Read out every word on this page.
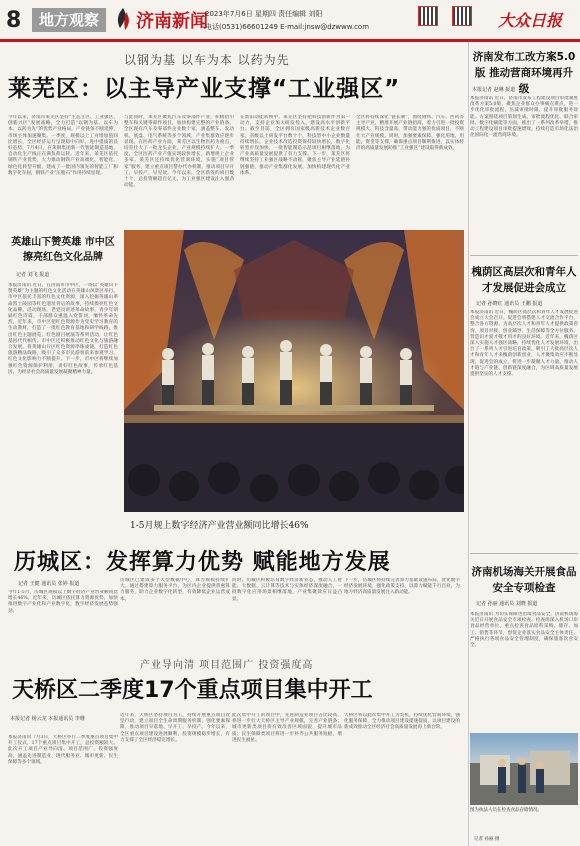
8	地方观察	济南新闻
2023年7月6日 星期四 责任编辑 刘阳
电话(0531)66601249 E-mail:jnsw@dzwww.com	大众日报
以钢为基 以车为本 以药为先
莱芜区：以主导产业支撑“工业强区”
今年以来，济南市莱芜区坚持“生态立区、工业强区、创新兴区”发展战略，全力打造“以钢为基、以车为本、以药为先”的优势产业格局，产业链条不断延伸，市场主体加速聚集。一季度，规模以上工业增加值同比增长，全区经济运行呈现稳中向好、进中提质的良好态势。7月4日，在莱钢集团新一代智能制造基地，自动化生产线正在满负荷运转。近年来，莱芜区依托钢铁产业优势，大力推动钢铁产业高端化、智能化、绿色化转型升级，建成了一批国内领先的智能工厂和数字化车间，钢铁产业“压舱石”作用持续显现。
与此同时，莱芜区聚焦汽车及零部件产业，积极招引整车和关键零部件项目，加快构建完整的产业链条。全区现有汽车及零部件企业数十家，涵盖整车、发动机、底盘、电气系统等多个领域，产业集群效应逐步显现。在医药产业方面，莱芜区以生物医药为重点，培育壮大了一批龙头企业，产业规模持续扩大。一季度，全区医药产业产值实现较快增长，新增规上企业多家。莱芜区还持续优化营商环境，实施“项目管家”服务，建立重点项目帮办代办机制，推动项目早开工、早投产、早见效。今年以来，全区新签约项目数十个，总投资额超百亿元，为工业强区建设注入强劲动能。
在新旧动能转换中，莱芜区坚持把科技创新作为第一动力，支持企业加大研发投入，建设高水平创新平台。截至目前，全区拥有国家级高新技术企业数百家，省级以上研发平台数十个，科技型中小企业数量持续增长。企业技术改造投资保持较快增长，数字化转型步伐加快，一批智能制造示范项目相继落地，为产业高质量发展提供了有力支撑。下一步，莱芜区将继续坚持工业强区战略不动摇，聚焦主导产业延链补链强链，推动产业集群化发展，加快构建现代化产业体系。
全区将持续深化“链长制”，围绕钢铁、汽车、医药等主导产业，精准开展产业链招商，着力引进一批投资规模大、科技含量高、带动能力强的优质项目，不断壮大产业规模。同时，加强要素保障，强化用地、用能、资金等支撑，确保重点项目顺利推进，以实体经济的高质量发展助推“工业强区”建设取得新成效。
英雄山下赞英雄 市中区擦亮红色文化品牌
记者 刘飞 报道
本报济南讯 近日，在济南市市中区，一场以“英雄山下赞英雄”为主题的红色文化活动在英雄山风景区举行。市中区依托丰富的红色文化资源，深入挖掘英雄山革命烈士陵园等红色遗址背后的故事，持续擦亮红色文化品牌。活动现场，老党员讲述革命故事，青少年朗诵红色诗篇，干部群众重温入党誓词，缅怀革命先烈。近年来，市中区把红色资源作为党史学习教育的生动教材，打造了一批红色教育基地和研学线路，推出红色主题展览、红色剧目展演等系列活动，让红色基因代代相传。市中区还积极推动红色文化与旅游融合发展，将英雄山片区红色资源串珠成链，打造红色旅游精品线路，吸引了众多市民游客前来参观学习，红色文化影响力不断提升。下一步，市中区将继续加强红色资源保护利用，讲好红色故事，传承红色基因，为经济社会高质量发展凝聚精神力量。
1-5月规上数字经济产业营业额同比增长46%
历城区：发挥算力优势 赋能地方发展
记者 王健 通讯员 张婷 报道
今年1-5月，历城区规模以上数字经济产业营业额同比增长46%。近年来，历城区依托算力资源优势，加快推进数字产业化和产业数字化，数字经济发展态势强劲。
历城区已建成多个大型数据中心，算力规模持续扩大。通过搭建算力服务平台，为区内企业提供普惠算力服务，助力企业数字化转型，有效降低企业运营成本。
同时，历城区积极培育数字经济新业态，推动人工智能、大数据、云计算等技术与实体经济深度融合，一批数字化应用场景相继落地，产业集聚效应日益凸显。
下一步，历城区将持续完善算力基础设施布局，优化数字经济发展环境，强化政策支持，以算力赋能千行百业，为地方经济高质量发展注入新动能。
产业导向清 项目范围广 投资强度高
天桥区二季度17个重点项目集中开工
本报记者 杨云龙 本报通讯员 李珊
本报济南讯 7月3日，天桥区举行二季度重点项目集中开工仪式，17个重点项目集中开工，总投资额较大。此次开工项目产业导向清、项目范围广、投资强度高，涵盖先进制造业、现代服务业、城市更新、民生保障等多个领域。
近年来，天桥区坚持项目为王，持续开展重点项目攻坚行动，建立项目全生命周期服务机制，强化要素保障，推动项目早落地、早开工、早投产。今年以来，全区重点项目建设进展顺利，投资规模稳步增长，有力支撑了全区经济稳定增长。
此次集中开工的项目中，先进制造业项目占比较高，将进一步壮大天桥区主导产业规模，完善产业链条；城市更新类项目将有效改善区域面貌，提升城市品质；民生保障类项目将进一步补齐公共服务短板，增进民生福祉。
天桥区将以此次集中开工为契机，持续优化营商环境，强化服务保障，全力推动项目建设提速提质，以项目建设的新成效推动全区经济社会高质量发展再上新台阶。
济南发布工改方案5.0版 推动营商环境再升级
本报记者 赵琳 报道
本报济南讯 近日，济南市发布工程建设项目审批制度改革方案5.0版，聚焦企业群众办事痛点难点，进一步优化审批流程，压减审批时限，提升审批服务效能。方案围绕项目策划生成、审批流程优化、联合审批、数字化赋能等方面，推出了一系列改革举措，推动工程建设项目审批提速增效，持续打造市场化法治化国际化一流营商环境。
槐荫区高层次和青年人才发展促进会成立
记者 孙晓红 通讯员 王鹏 报道
本报济南讯 近日，槐荫区高层次和青年人才发展促进会成立大会召开。促进会将搭建人才交流合作平台，整合各方资源，为高层次人才和青年人才提供政策咨询、项目对接、创业辅导、生活保障等全方位服务，营造识才爱才敬才用才的良好环境。近年来，槐荫区深入实施人才强区战略，持续优化人才发展环境，出台了一系列人才引进培育政策，吸引了大批高层次人才和青年人才来槐荫创新创业，人才聚集效应不断显现。促进会的成立，将进一步凝聚人才力量，推动人才链与产业链、创新链深度融合，为区域高质量发展提供坚实的人才支撑。
济南机场海关开展食品安全专项检查
记者 孙丽 通讯员 刘晓 报道
本报济南讯 为切实保障进出境食品安全，济南机场海关近日开展食品安全专项检查。检查组深入机场口岸食品经营单位，重点检查食品原料采购、储存、加工、销售等环节，督促企业落实食品安全主体责任，严格执行各项食品安全管理制度，确保旅客饮食安全。
图为执法人员在检查食品存储情况。
记者 孙丽 摄
